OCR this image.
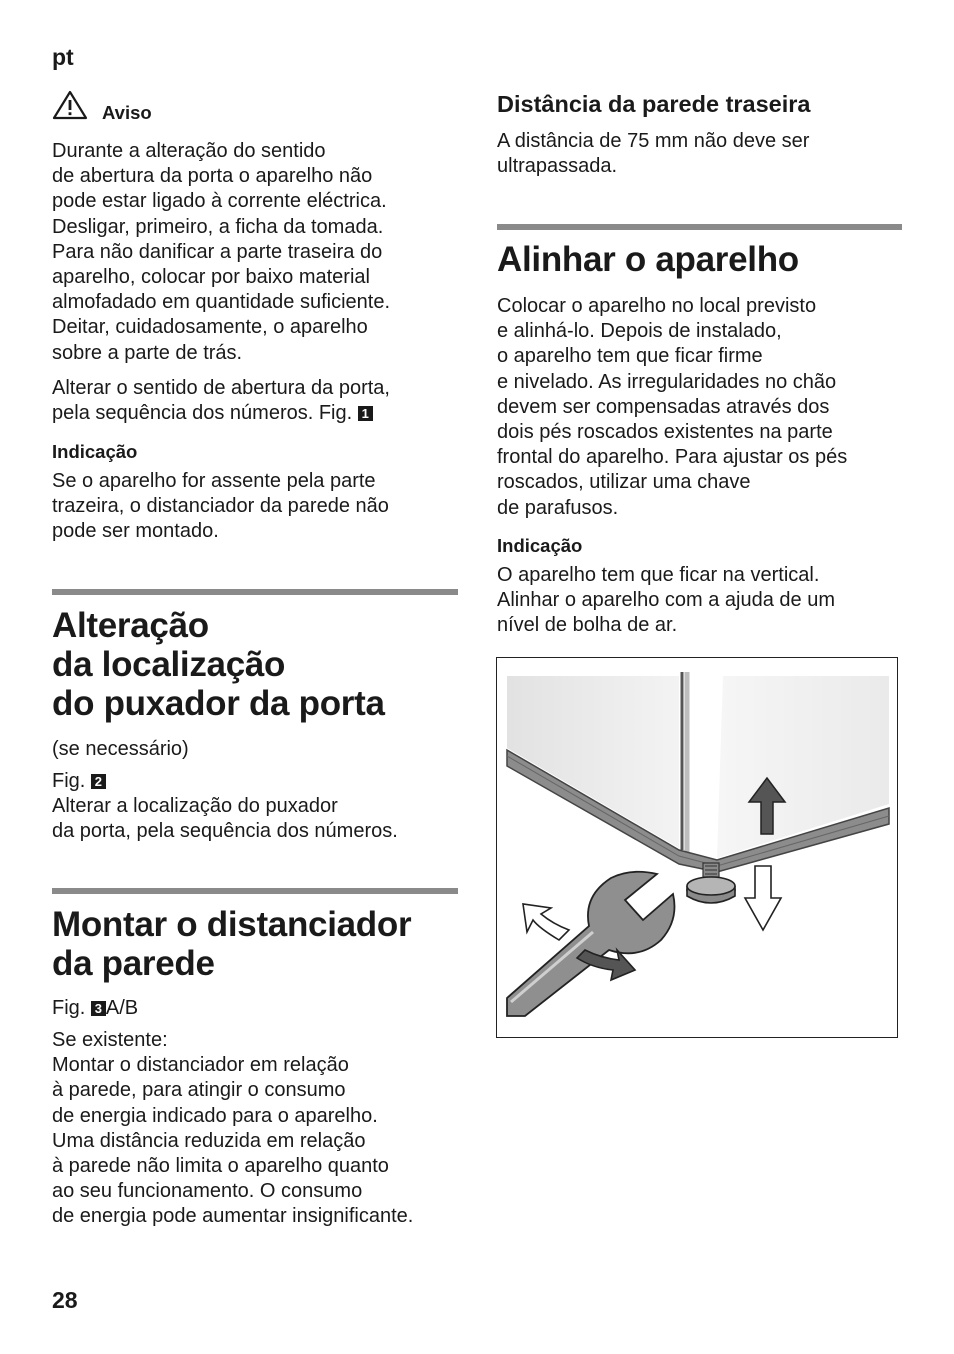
pt
Aviso
Durante a alteração do sentido
de abertura da porta o aparelho não
pode estar ligado à corrente eléctrica.
Desligar, primeiro, a ficha da tomada.
Para não danificar a parte traseira do
aparelho, colocar por baixo material
almofadado em quantidade suficiente.
Deitar, cuidadosamente, o aparelho
sobre a parte de trás.
Alterar o sentido de abertura da porta,
pela sequência dos números. Fig. 1
Indicação
Se o aparelho for assente pela parte
trazeira, o distanciador da parede não
pode ser montado.
Alteração
da localização
do puxador da porta
(se necessário)
Fig. 2
Alterar a localização do puxador
da porta, pela sequência dos números.
Montar o distanciador
da parede
Fig. 3 A/B
Se existente:
Montar o distanciador em relação
à parede, para atingir o consumo
de energia indicado para o aparelho.
Uma distância reduzida em relação
à parede não limita o aparelho quanto
ao seu funcionamento. O consumo
de energia pode aumentar insignificante.
Distância da parede traseira
A distância de 75 mm não deve ser
ultrapassada.
Alinhar o aparelho
Colocar o aparelho no local previsto
e alinhá-lo. Depois de instalado,
o aparelho tem que ficar firme
e nivelado. As irregularidades no chão
devem ser compensadas através dos
dois pés roscados existentes na parte
frontal do aparelho. Para ajustar os pés
roscados, utilizar uma chave
de parafusos.
Indicação
O aparelho tem que ficar na vertical.
Alinhar o aparelho com a ajuda de um
nível de bolha de ar.
28
